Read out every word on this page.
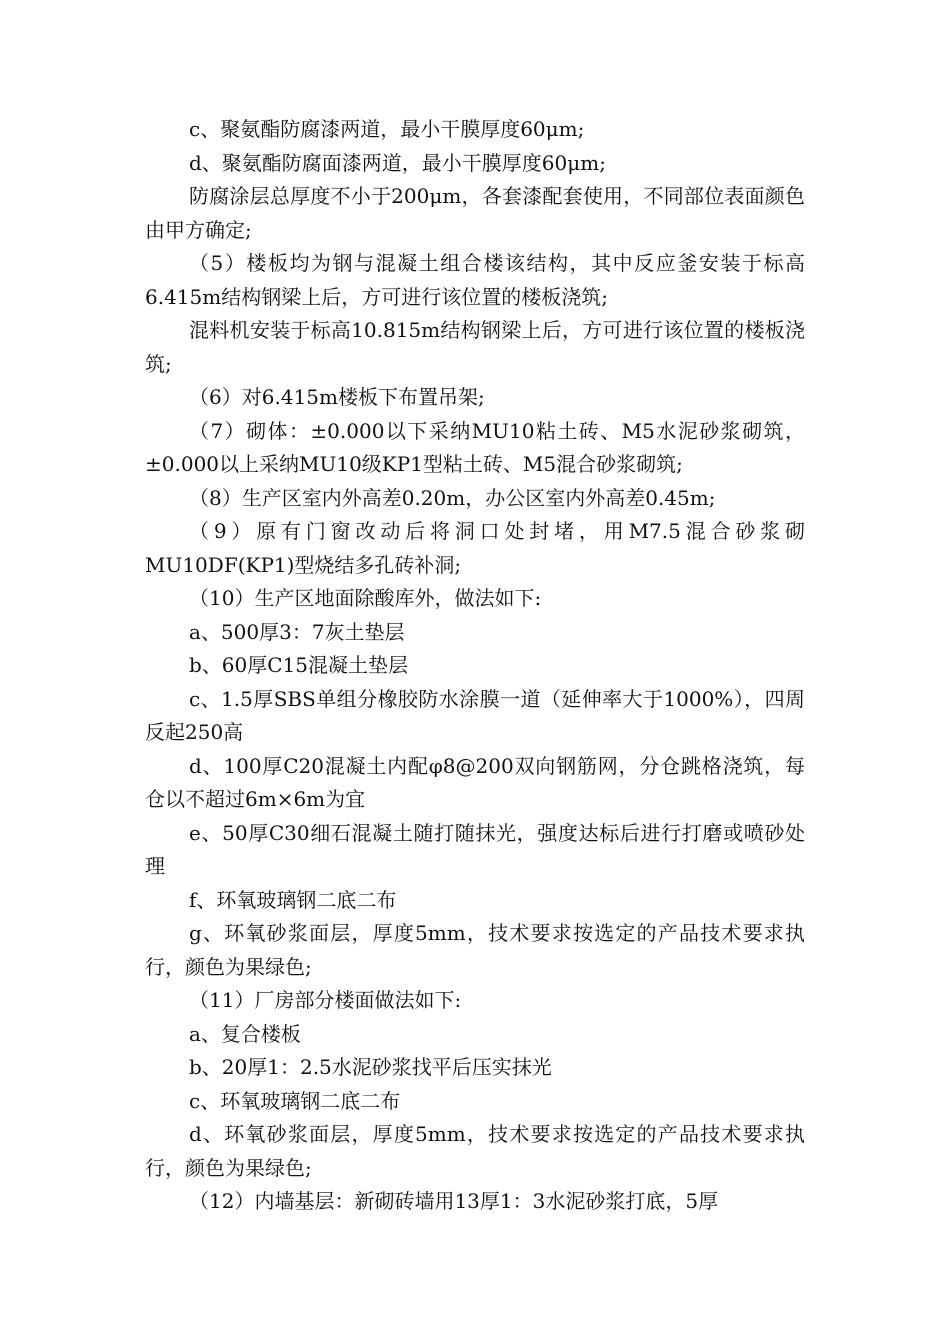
c、聚氨酯防腐漆两道，最小干膜厚度60μm;

d、聚氨酯防腐面漆两道，最小干膜厚度60μm;

防腐涂层总厚度不小于200μm，各套漆配套使用，不同部位表面颜色由甲方确定;

（5）楼板均为钢与混凝土组合楼该结构，其中反应釜安装于标高6.415m结构钢梁上后，方可进行该位置的楼板浇筑;

混料机安装于标高10.815m结构钢梁上后，方可进行该位置的楼板浇筑;

（6）对6.415m楼板下布置吊架;

（7）砌体：±0.000以下采纳MU10粘土砖、M5水泥砂浆砌筑，±0.000以上采纳MU10级KP1型粘土砖、M5混合砂浆砌筑;

（8）生产区室内外高差0.20m，办公区室内外高差0.45m;

（9）原有门窗改动后将洞口处封堵，用M7.5混合砂浆砌MU10DF(KP1)型烧结多孔砖补洞;

（10）生产区地面除酸库外，做法如下:

a、500厚3：7灰土垫层

b、60厚C15混凝土垫层

c、1.5厚SBS单组分橡胶防水涂膜一道（延伸率大于1000%），四周反起250高

d、100厚C20混凝土内配φ8@200双向钢筋网，分仓跳格浇筑，每仓以不超过6m×6m为宜

e、50厚C30细石混凝土随打随抹光，强度达标后进行打磨或喷砂处理

f、环氧玻璃钢二底二布

g、环氧砂浆面层，厚度5mm，技术要求按选定的产品技术要求执行，颜色为果绿色;

（11）厂房部分楼面做法如下:

a、复合楼板

b、20厚1：2.5水泥砂浆找平后压实抹光

c、环氧玻璃钢二底二布

d、环氧砂浆面层，厚度5mm，技术要求按选定的产品技术要求执行，颜色为果绿色;

（12）内墙基层：新砌砖墙用13厚1：3水泥砂浆打底，5厚
